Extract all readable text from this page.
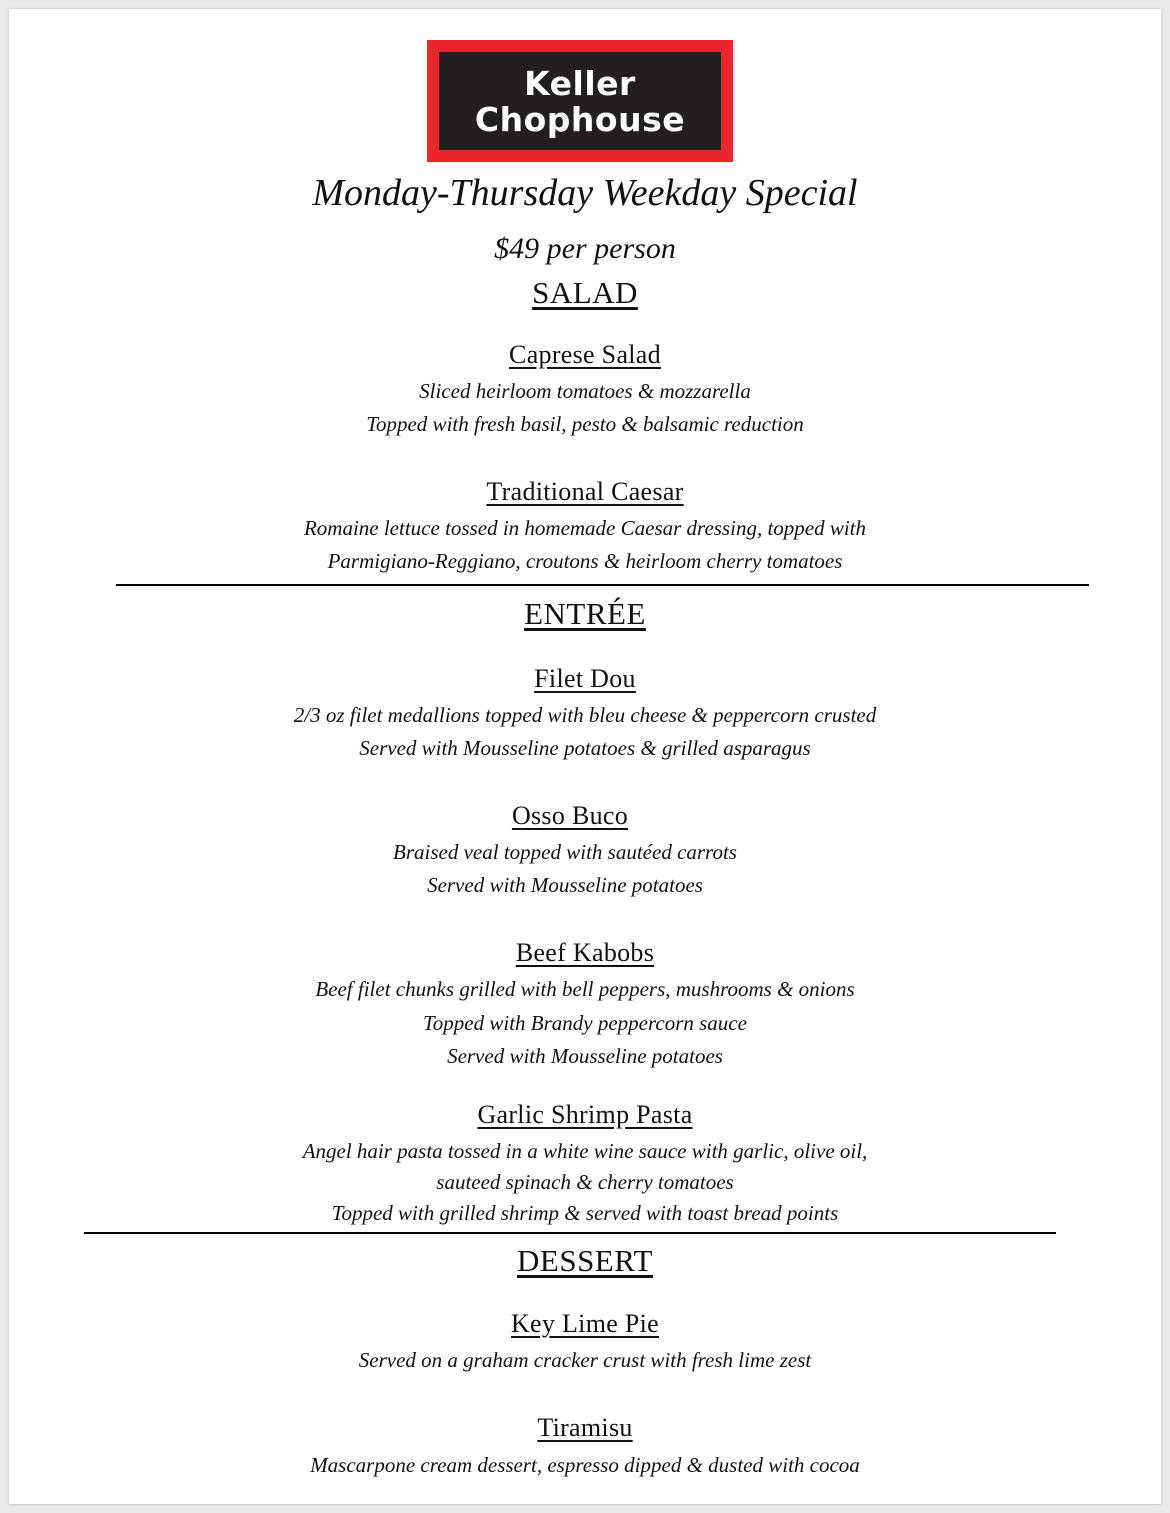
Keller
Chophouse
Monday-Thursday Weekday Special
$49 per person
SALAD
Caprese Salad
Sliced heirloom tomatoes & mozzarella
Topped with fresh basil, pesto & balsamic reduction
Traditional Caesar
Romaine lettuce tossed in homemade Caesar dressing, topped with
Parmigiano-Reggiano, croutons & heirloom cherry tomatoes
ENTRÉE
Filet Dou
2/3 oz filet medallions topped with bleu cheese & peppercorn crusted
Served with Mousseline potatoes & grilled asparagus
Osso Buco
Braised veal topped with sautéed carrots
Served with Mousseline potatoes
Beef Kabobs
Beef filet chunks grilled with bell peppers, mushrooms & onions
Topped with Brandy peppercorn sauce
Served with Mousseline potatoes
Garlic Shrimp Pasta
Angel hair pasta tossed in a white wine sauce with garlic, olive oil,
sauteed spinach & cherry tomatoes
Topped with grilled shrimp & served with toast bread points
DESSERT
Key Lime Pie
Served on a graham cracker crust with fresh lime zest
Tiramisu
Mascarpone cream dessert, espresso dipped & dusted with cocoa
